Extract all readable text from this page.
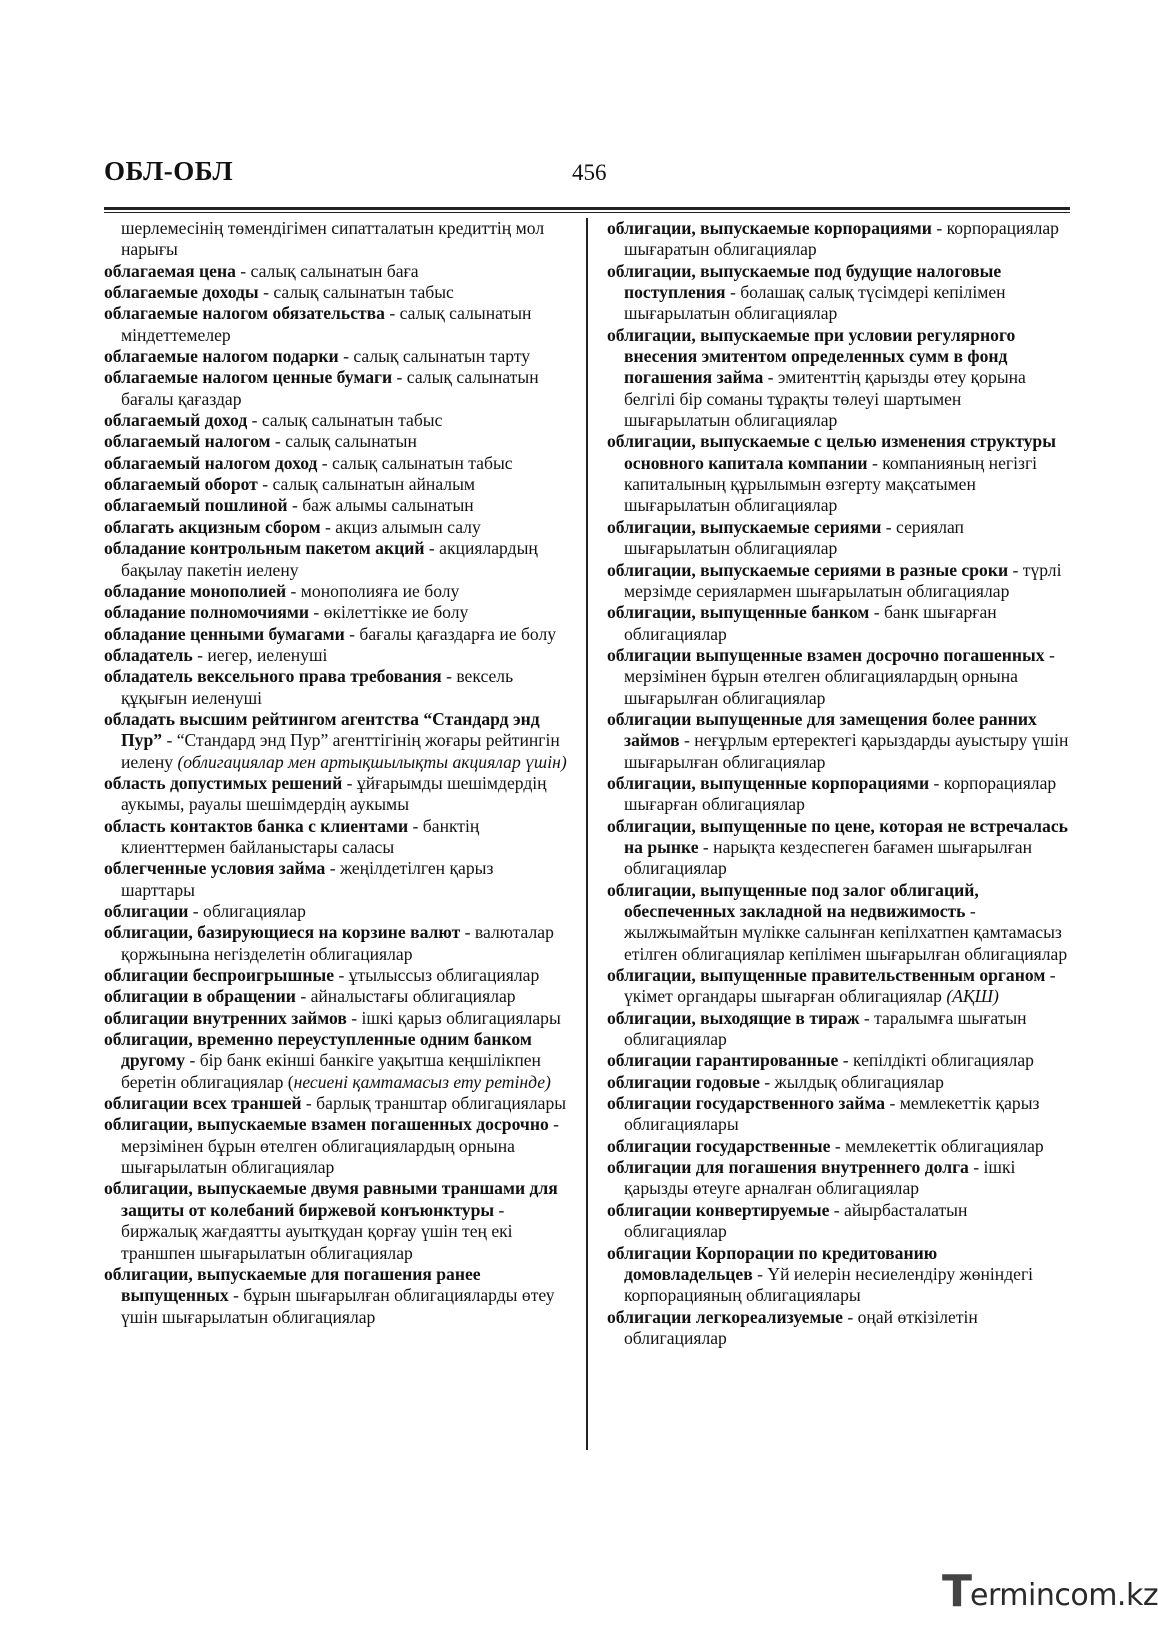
ОБЛ-ОБЛ	456

шерлемесінің төмендігімен сипатталатын кредиттің мол нарығы

облагаемая цена - салық салынатын баға

облагаемые доходы - салық салынатын табыс

облагаемые налогом обязательства - салық салынатын міндеттемелер

облагаемые налогом подарки - салық салынатын тарту

облагаемые налогом ценные бумаги - салық салынатын бағалы қағаздар

облагаемый доход - салық салынатын табыс

облагаемый налогом - салық салынатын

облагаемый налогом доход - салық салынатын табыс

облагаемый оборот - салық салынатын айналым

облагаемый пошлиной - баж алымы салынатын

облагать акцизным сбором - акциз алымын салу

обладание контрольным пакетом акций - акциялардың бақылау пакетін иелену

обладание монополией - монополияға ие болу

обладание полномочиями - өкілеттікке ие болу

обладание ценными бумагами - бағалы қағаздарға ие болу

обладатель - иегер, иеленуші

обладатель вексельного права требования - вексель құқығын иеленуші

обладать высшим рейтингом агентства “Стандард энд Пур” - “Стандард энд Пур” агенттігінің жоғары рейтингін иелену (облигациялар мен артықшылықты акциялар үшін)

область допустимых решений - ұйғарымды шешімдердің аукымы, рауалы шешімдердің аукымы

область контактов банка с клиентами - банктің клиенттермен байланыстары саласы

облегченные условия займа - жеңілдетілген қарыз шарттары

облигации - облигациялар

облигации, базирующиеся на корзине валют - валюталар қоржынына негізделетін облигациялар

облигации беспроигрышные - ұтылыссыз облигациялар

облигации в обращении - айналыстағы облигациялар

облигации внутренних займов - ішкі қарыз облигациялары

облигации, временно переуступленные одним банком другому - бір банк екінші банкіге уақытша кеңшілікпен беретін облигациялар (несиені қамтамасыз ету ретінде)

облигации всех траншей - барлық транштар облигациялары

облигации, выпускаемые взамен погашенных досрочно - мерзімінен бұрын өтелген облигациялардың орнына шығарылатын облигациялар

облигации, выпускаемые двумя равными траншами для защиты от колебаний биржевой конъюнктуры - биржалық жағдаятты ауытқудан қорғау үшін тең екі траншпен шығарылатын облигациялар

облигации, выпускаемые для погашения ранее выпущенных - бұрын шығарылған облигацияларды өтеу үшін шығарылатын облигациялар

облигации, выпускаемые корпорациями - корпорациялар шығаратын облигациялар

облигации, выпускаемые под будущие налоговые поступления - болашақ салық түсімдері кепілімен шығарылатын облигациялар

облигации, выпускаемые при условии регулярного внесения эмитентом определенных сумм в фонд погашения займа - эмитенттің қарызды өтеу қорына белгілі бір соманы тұрақты төлеуі шартымен шығарылатын облигациялар

облигации, выпускаемые с целью изменения структуры основного капитала компании - компанияның негізгі капиталының құрылымын өзгерту мақсатымен шығарылатын облигациялар

облигации, выпускаемые сериями - сериялап шығарылатын облигациялар

облигации, выпускаемые сериями в разные сроки - түрлі мерзімде сериялармен шығарылатын облигациялар

облигации, выпущенные банком - банк шығарған облигациялар

облигации выпущенные взамен досрочно погашенных - мерзімінен бұрын өтелген облигациялардың орнына шығарылған облигациялар

облигации выпущенные для замещения более ранних займов - неғұрлым ертеректегі қарыздарды ауыстыру үшін шығарылған облигациялар

облигации, выпущенные корпорациями - корпорациялар шығарған облигациялар

облигации, выпущенные по цене, которая не встречалась на рынке - нарықта кездеспеген бағамен шығарылған облигациялар

облигации, выпущенные под залог облигаций, обеспеченных закладной на недвижимость - жылжымайтын мүлікке салынған кепілхатпен қамтамасыз етілген облигациялар кепілімен шығарылған облигациялар

облигации, выпущенные правительственным органом - үкімет органдары шығарған облигациялар (АҚШ)

облигации, выходящие в тираж - таралымға шығатын облигациялар

облигации гарантированные - кепілдікті облигациялар

облигации годовые - жылдық облигациялар

облигации государственного займа - мемлекеттік қарыз облигациялары

облигации государственные - мемлекеттік облигациялар

облигации для погашения внутреннего долга - ішкі қарызды өтеуге арналған облигациялар

облигации конвертируемые - айырбасталатын облигациялар

облигации Корпорации по кредитованию домовладельцев - Үй иелерін несиелендіру жөніндегі корпорацияның облигациялары

облигации легкореализуемые - оңай өткізілетін облигациялар

T
ermincom.kz
